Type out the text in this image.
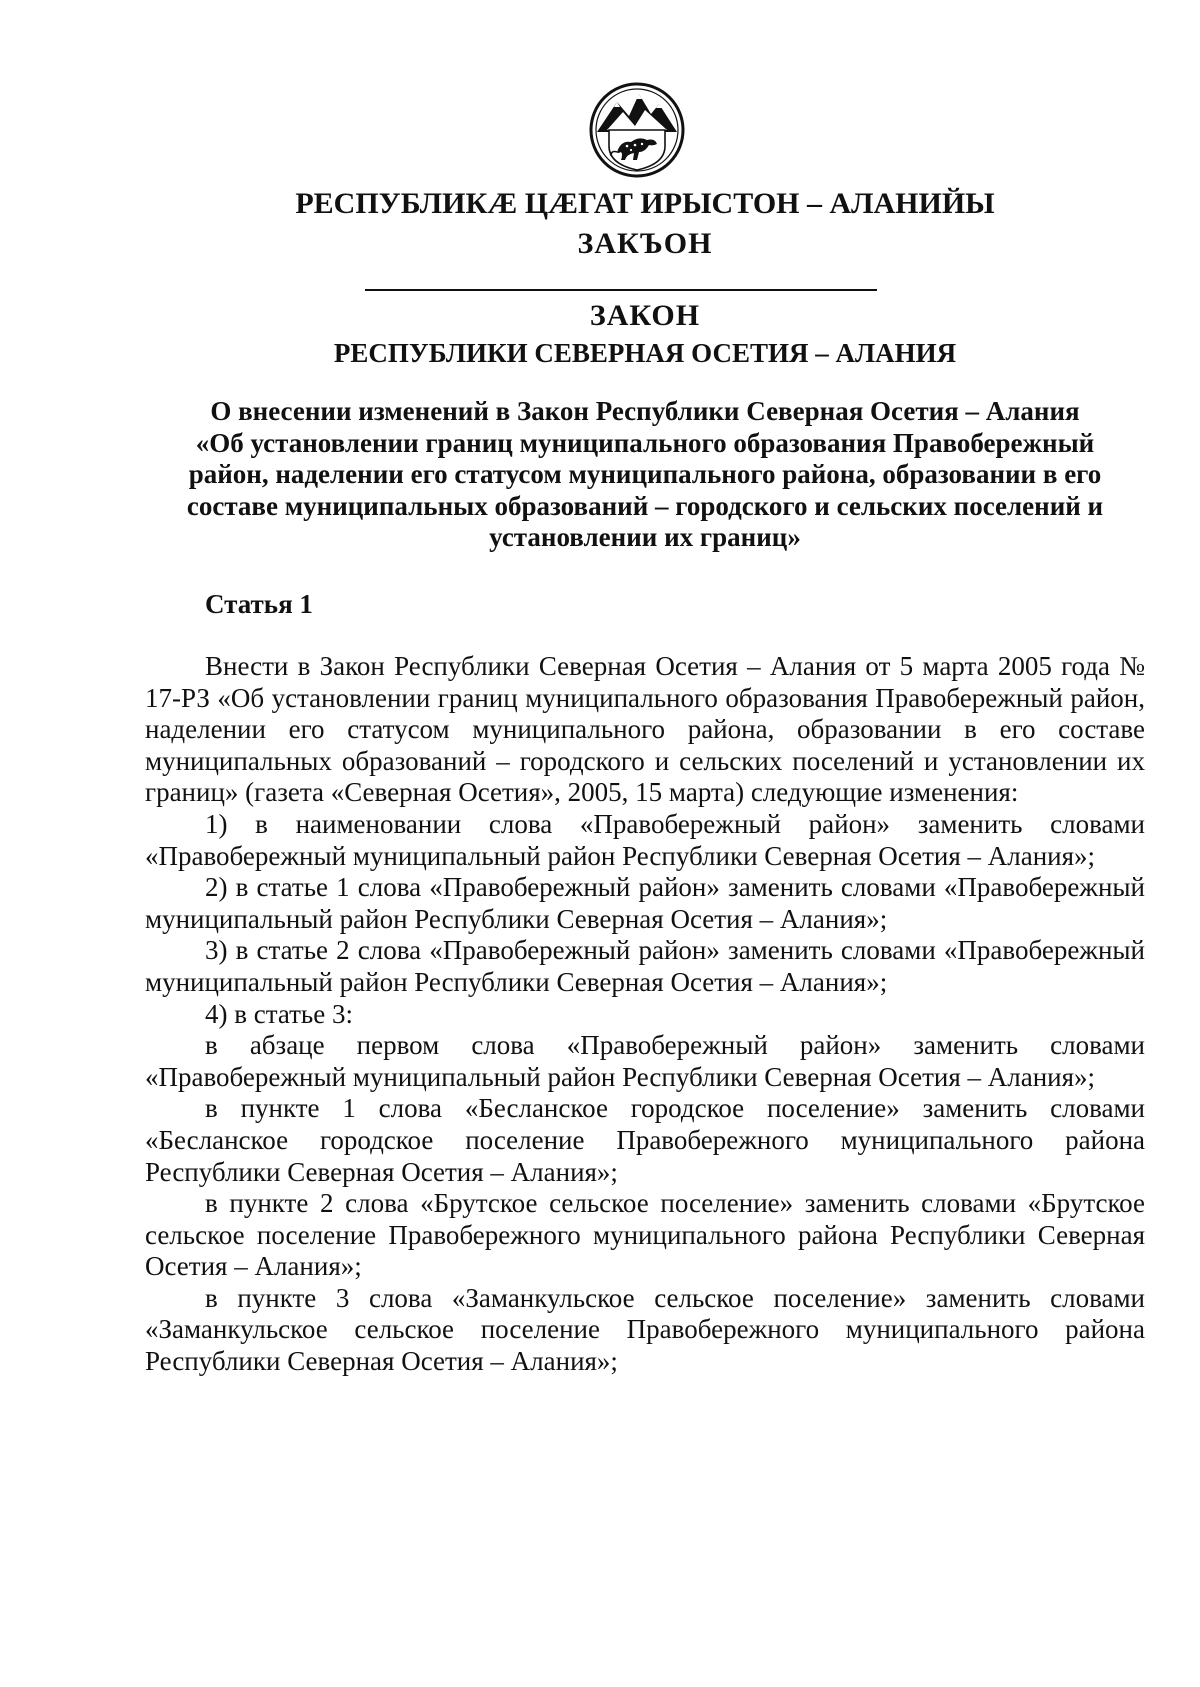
РЕСПУБЛИКӔ ЦӔГАТ ИРЫСТОН – АЛАНИЙЫ
ЗАКЪОН
ЗАКОН
РЕСПУБЛИКИ СЕВЕРНАЯ ОСЕТИЯ – АЛАНИЯ
О внесении изменений в Закон Республики Северная Осетия – Алания
«Об установлении границ муниципального образования Правобережный
район, наделении его статусом муниципального района, образовании в его
составе муниципальных образований – городского и сельских поселений и
установлении их границ»
Статья 1

Внести в Закон Республики Северная Осетия – Алания от 5 марта 2005 года № 17-РЗ «Об установлении границ муниципального образования Правобережный район, наделении его статусом муниципального района, образовании в его составе муниципальных образований – городского и сельских поселений и установлении их границ» (газета «Северная Осетия», 2005, 15 марта) следующие изменения:

1) в наименовании слова «Правобережный район» заменить словами «Правобережный муниципальный район Республики Северная Осетия – Алания»;

2) в статье 1 слова «Правобережный район» заменить словами «Правобережный муниципальный район Республики Северная Осетия – Алания»;

3) в статье 2 слова «Правобережный район» заменить словами «Правобережный муниципальный район Республики Северная Осетия – Алания»;

4) в статье 3:

в абзаце первом слова «Правобережный район» заменить словами «Правобережный муниципальный район Республики Северная Осетия – Алания»;

в пункте 1 слова «Бесланское городское поселение» заменить словами «Бесланское городское поселение Правобережного муниципального района Республики Северная Осетия – Алания»;

в пункте 2 слова «Брутское сельское поселение» заменить словами «Брутское сельское поселение Правобережного муниципального района Республики Северная Осетия – Алания»;

в пункте 3 слова «Заманкульское сельское поселение» заменить словами «Заманкульское сельское поселение Правобережного муниципального района Республики Северная Осетия – Алания»;
